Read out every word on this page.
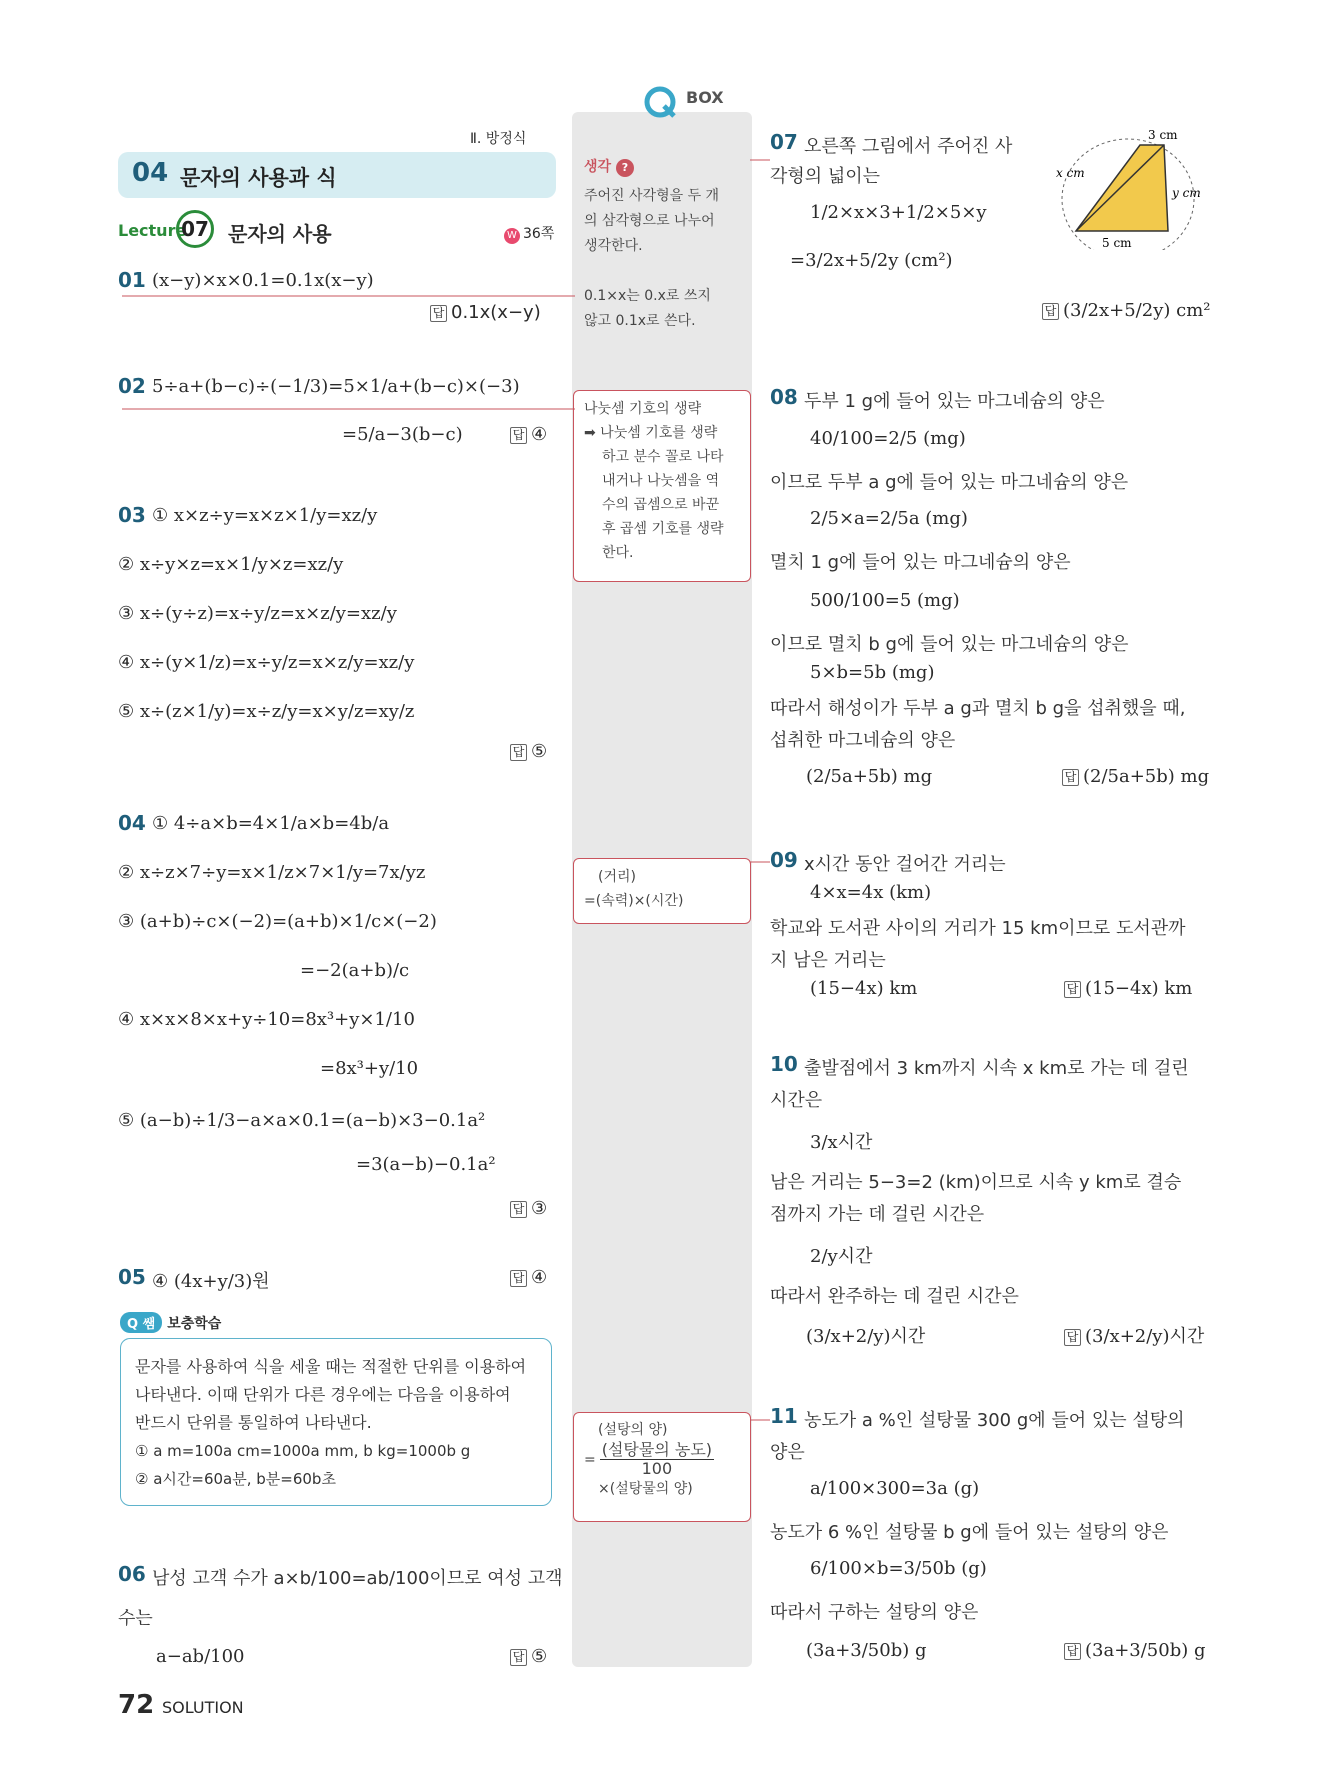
Ⅱ. 방정식
04 문자의 사용과 식
Lecture
07 문자의 사용	W 36쪽
BOX
생각 ?
주어진 사각형을 두 개
의 삼각형으로 나누어
생각한다.
0.1×x는 0.x로 쓰지
않고 0.1x로 쓴다.
나눗셈 기호의 생략
➡ 나눗셈 기호를 생략
하고 분수 꼴로 나타
내거나 나눗셈을 역
수의 곱셈으로 바꾼
후 곱셈 기호를 생략
한다.
(거리)
=(속력)×(시간)
(설탕의 양)
= $\frac{\text{(설탕물의 농도)}}{100}$
×(설탕물의 양)
01 (x−y)×x×0.1=0.1x(x−y)
답 0.1x(x−y)
02 5÷a+(b−c)÷(−1/3)=5×1/a+(b−c)×(−3)
=5/a−3(b−c)	답 ④
03 ① x×z÷y=x×z×1/y=xz/y
② x÷y×z=x×1/y×z=xz/y
③ x÷(y÷z)=x÷y/z=x×z/y=xz/y
④ x÷(y×1/z)=x÷y/z=x×z/y=xz/y
⑤ x÷(z×1/y)=x÷z/y=x×y/z=xy/z
답 ⑤
04 ① 4÷a×b=4×1/a×b=4b/a
② x÷z×7÷y=x×1/z×7×1/y=7x/yz
③ (a+b)÷c×(−2)=(a+b)×1/c×(−2)
=−2(a+b)/c
④ x×x×8×x+y÷10=8x³+y×1/10
=8x³+y/10
⑤ (a−b)÷1/3−a×a×0.1=(a−b)×3−0.1a²
=3(a−b)−0.1a²
답 ③
05 ④ (4x+y/3)원	답 ④
Q 쌤 보충학습
문자를 사용하여 식을 세울 때는 적절한 단위를 이용하여
나타낸다. 이때 단위가 다른 경우에는 다음을 이용하여
반드시 단위를 통일하여 나타낸다.
① a m=100a cm=1000a mm, b kg=1000b g
② a시간=60a분, b분=60b초
06 남성 고객 수가 a×b/100=ab/100이므로 여성 고객
수는
a−ab/100	답 ⑤
07 오른쪽 그림에서 주어진 사
각형의 넓이는
1/2×x×3+1/2×5×y
=3/2x+5/2y (cm²)
답 (3/2x+5/2y) cm²
3 cm
x cm
y cm
5 cm
08 두부 1 g에 들어 있는 마그네슘의 양은
40/100=2/5 (mg)
이므로 두부 a g에 들어 있는 마그네슘의 양은
2/5×a=2/5a (mg)
멸치 1 g에 들어 있는 마그네슘의 양은
500/100=5 (mg)
이므로 멸치 b g에 들어 있는 마그네슘의 양은
5×b=5b (mg)
따라서 해성이가 두부 a g과 멸치 b g을 섭취했을 때,
섭취한 마그네슘의 양은
(2/5a+5b) mg	답 (2/5a+5b) mg
09 x시간 동안 걸어간 거리는
4×x=4x (km)
학교와 도서관 사이의 거리가 15 km이므로 도서관까
지 남은 거리는
(15−4x) km	답 (15−4x) km
10 출발점에서 3 km까지 시속 x km로 가는 데 걸린
시간은
3/x시간
남은 거리는 5−3=2 (km)이므로 시속 y km로 결승
점까지 가는 데 걸린 시간은
2/y시간
따라서 완주하는 데 걸린 시간은
(3/x+2/y)시간	답 (3/x+2/y)시간
11 농도가 a %인 설탕물 300 g에 들어 있는 설탕의
양은
a/100×300=3a (g)
농도가 6 %인 설탕물 b g에 들어 있는 설탕의 양은
6/100×b=3/50b (g)
따라서 구하는 설탕의 양은
(3a+3/50b) g	답 (3a+3/50b) g
72 SOLUTION
